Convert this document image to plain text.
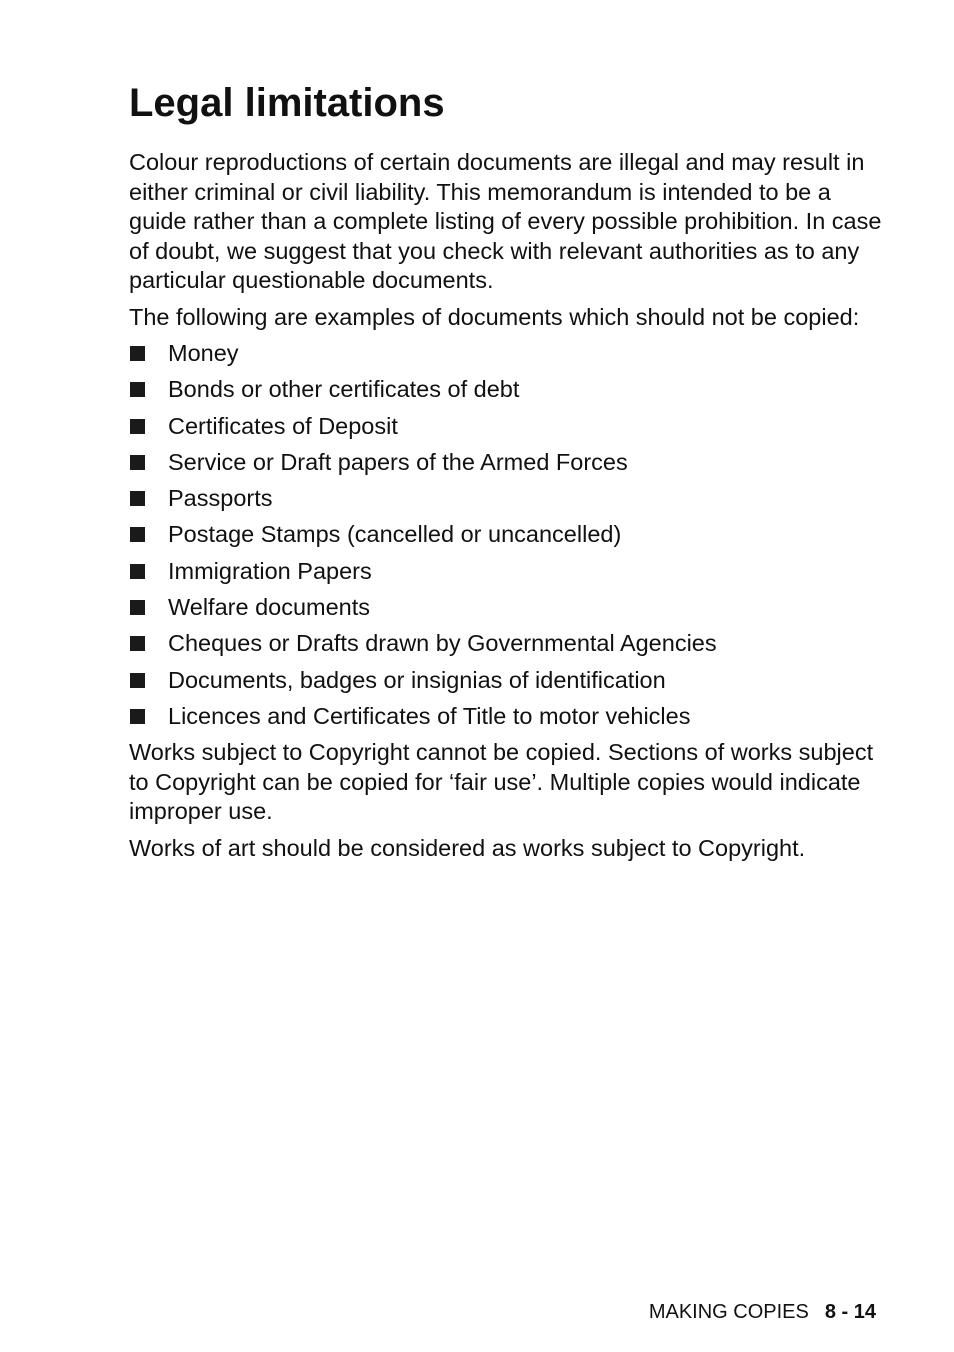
Legal limitations

Colour reproductions of certain documents are illegal and may result in either criminal or civil liability. This memorandum is intended to be a guide rather than a complete listing of every possible prohibition. In case of doubt, we suggest that you check with relevant authorities as to any particular questionable documents.

The following are examples of documents which should not be copied:

Money
Bonds or other certificates of debt
Certificates of Deposit
Service or Draft papers of the Armed Forces
Passports
Postage Stamps (cancelled or uncancelled)
Immigration Papers
Welfare documents
Cheques or Drafts drawn by Governmental Agencies
Documents, badges or insignias of identification
Licences and Certificates of Title to motor vehicles

Works subject to Copyright cannot be copied. Sections of works subject to Copyright can be copied for ‘fair use’. Multiple copies would indicate improper use.

Works of art should be considered as works subject to Copyright.

MAKING COPIES 8 - 14
